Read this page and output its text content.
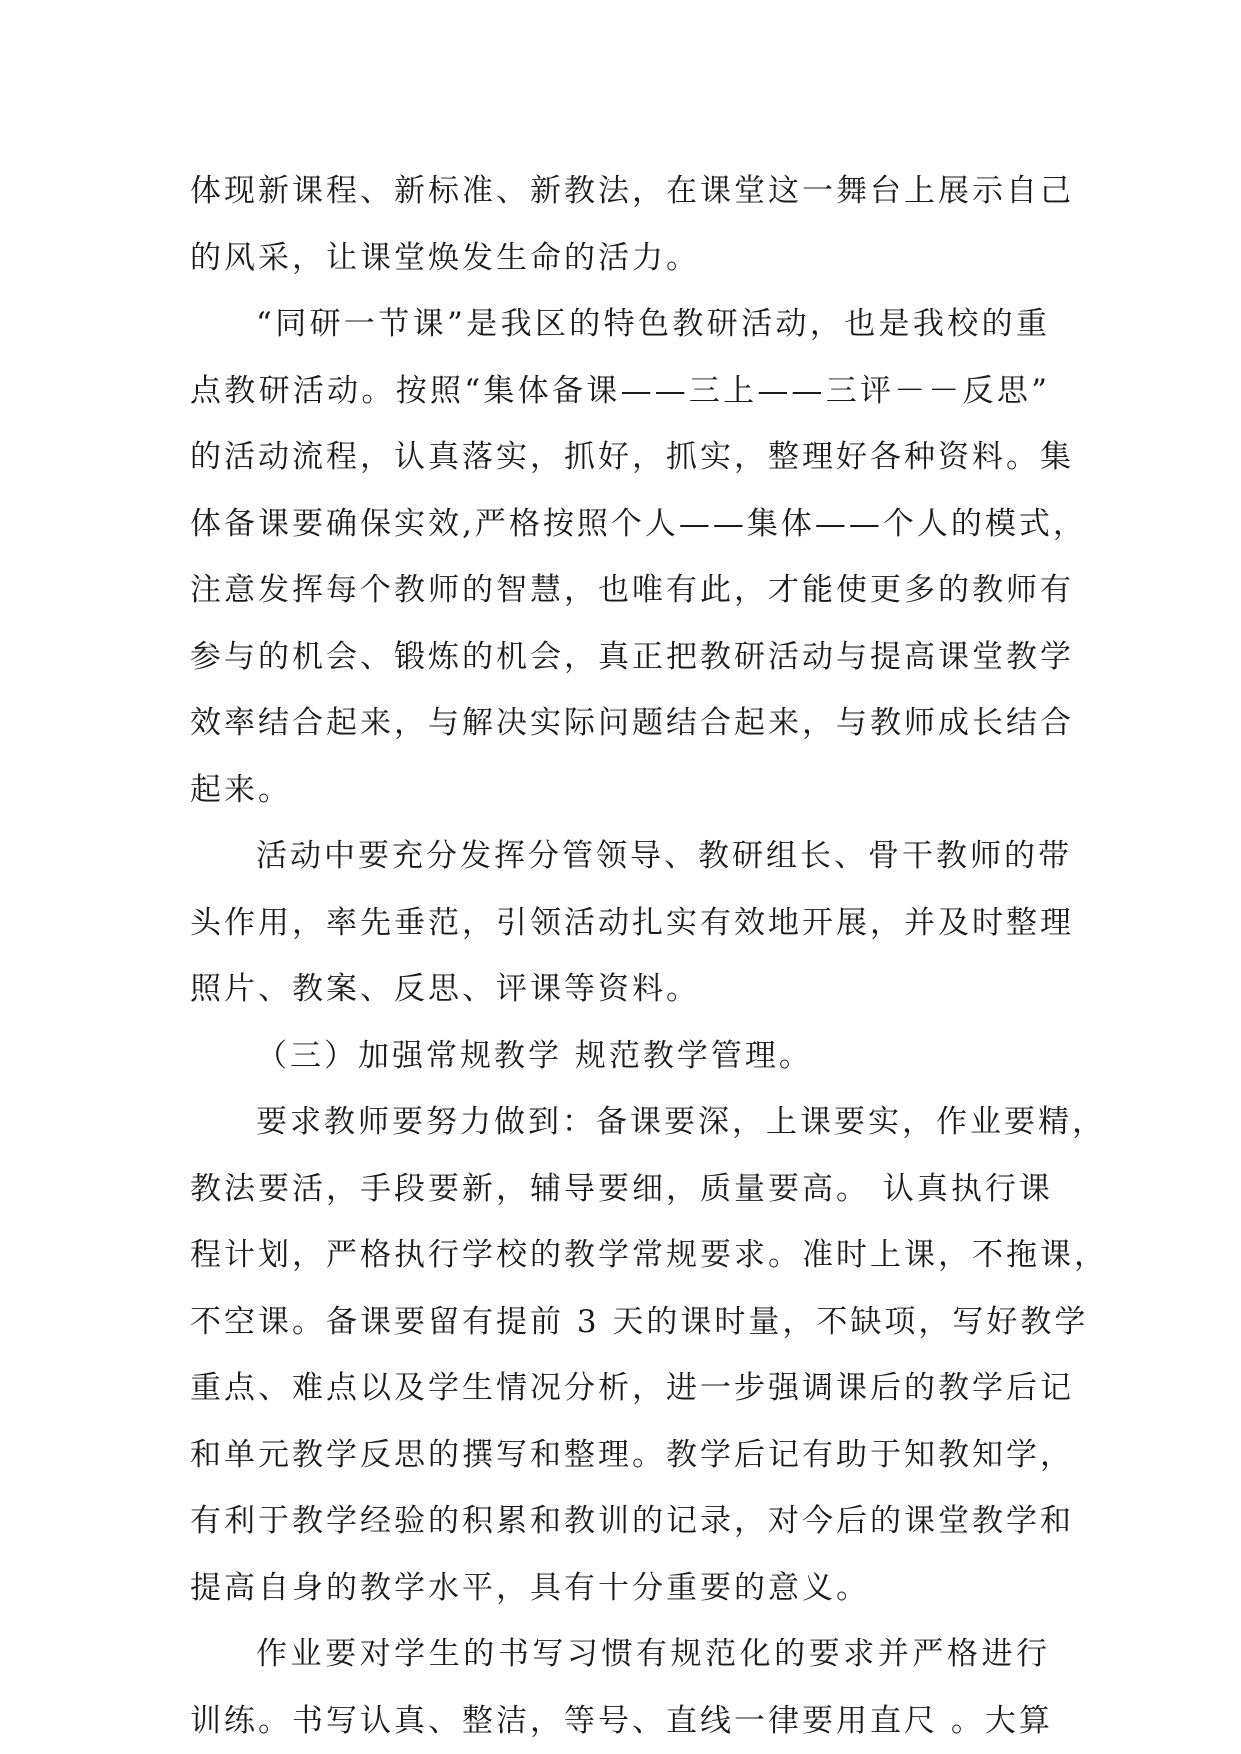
体现新课程、新标准、新教法，在课堂这一舞台上展示自己
的风采，让课堂焕发生命的活力。
“同研一节课”是我区的特色教研活动，也是我校的重
点教研活动。按照“集体备课——三上——三评－－反思”
的活动流程，认真落实，抓好，抓实，整理好各种资料。集
体备课要确保实效,严格按照个人——集体——个人的模式，
注意发挥每个教师的智慧，也唯有此，才能使更多的教师有
参与的机会、锻炼的机会，真正把教研活动与提高课堂教学
效率结合起来，与解决实际问题结合起来，与教师成长结合
起来。
活动中要充分发挥分管领导、教研组长、骨干教师的带
头作用，率先垂范，引领活动扎实有效地开展，并及时整理
照片、教案、反思、评课等资料。
（三）加强常规教学 规范教学管理。
要求教师要努力做到：备课要深，上课要实，作业要精，
教法要活，手段要新，辅导要细，质量要高。 认真执行课
程计划，严格执行学校的教学常规要求。准时上课，不拖课，
不空课。备课要留有提前 3 天的课时量，不缺项，写好教学
重点、难点以及学生情况分析，进一步强调课后的教学后记
和单元教学反思的撰写和整理。教学后记有助于知教知学，
有利于教学经验的积累和教训的记录，对今后的课堂教学和
提高自身的教学水平，具有十分重要的意义。
作业要对学生的书写习惯有规范化的要求并严格进行
训练。书写认真、整洁，等号、直线一律要用直尺 。大算
